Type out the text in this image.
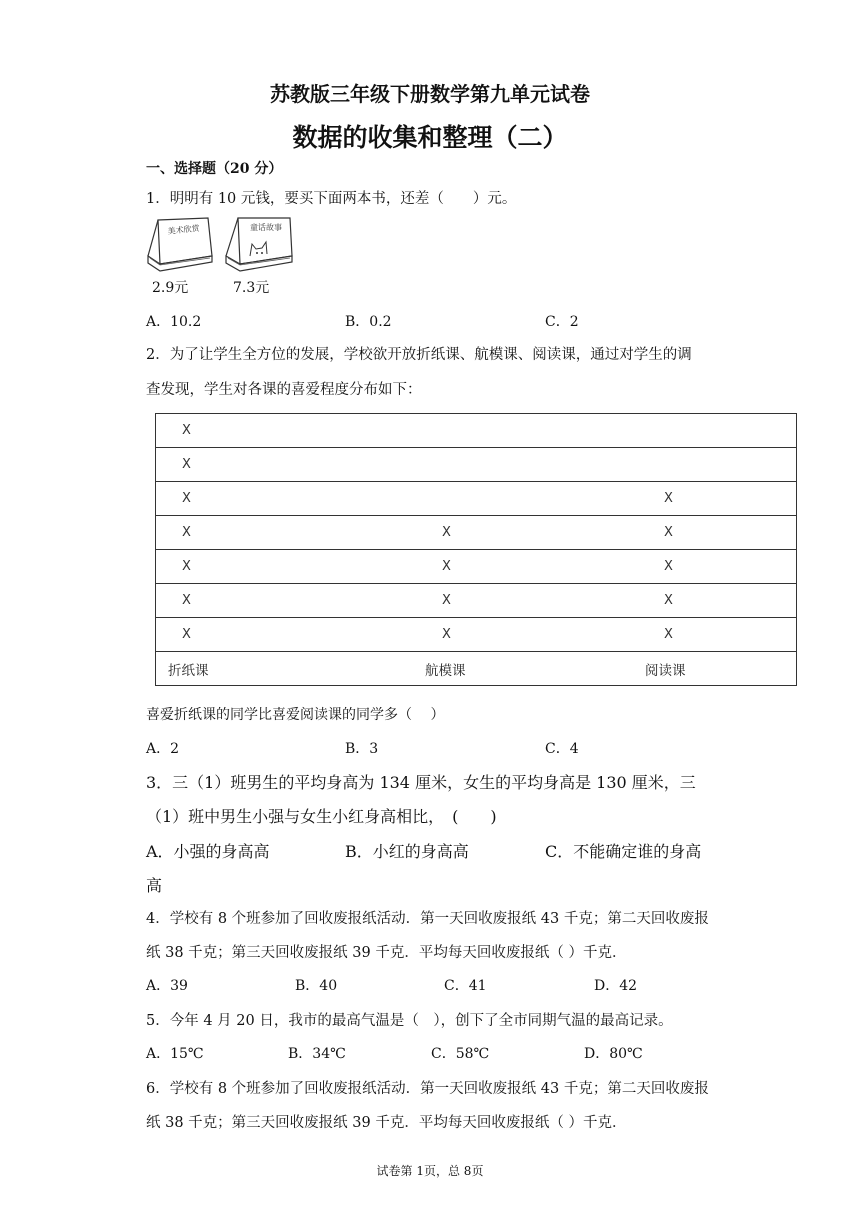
苏教版三年级下册数学第九单元试卷
数据的收集和整理（二）
一、选择题（20 分）
1．明明有 10 元钱，要买下面两本书，还差（　　）元。
美术欣赏
2.9元
童话故事
7.3元
A．10.2	B．0.2	C．2
2．为了让学生全方位的发展，学校欲开放折纸课、航模课、阅读课，通过对学生的调
查发现，学生对各课的喜爱程度分布如下：
X		
X		
X		X
X	X	X
X	X	X
X	X	X
X	X	X
折纸课	航模课	阅读课
喜爱折纸课的同学比喜爱阅读课的同学多（　 ）
A．2	B．3	C．4
3．三（1）班男生的平均身高为 134 厘米，女生的平均身高是 130 厘米，三
（1）班中男生小强与女生小红身高相比，　(　　)
A．小强的身高高	B．小红的身高高	C．不能确定谁的身高
高
4．学校有 8 个班参加了回收废报纸活动．第一天回收废报纸 43 千克；第二天回收废报
纸 38 千克；第三天回收废报纸 39 千克．平均每天回收废报纸（ ）千克．
A．39	B．40	C．41	D．42
5．今年 4 月 20 日，我市的最高气温是（　），创下了全市同期气温的最高记录。
A．15℃	B．34℃	C．58℃	D．80℃
6．学校有 8 个班参加了回收废报纸活动．第一天回收废报纸 43 千克；第二天回收废报
纸 38 千克；第三天回收废报纸 39 千克．平均每天回收废报纸（ ）千克．
试卷第 1页，总 8页
